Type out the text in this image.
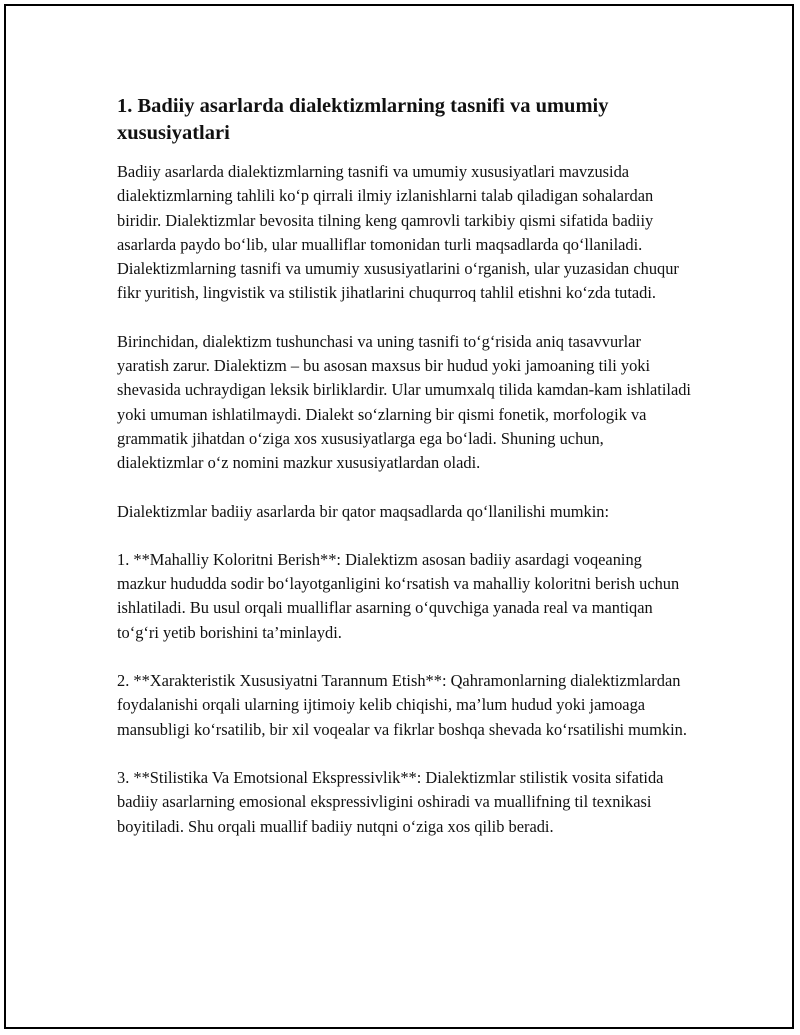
1. Badiiy asarlarda dialektizmlarning tasnifi va umumiy xususiyatlari

Badiiy asarlarda dialektizmlarning tasnifi va umumiy xususiyatlari mavzusida dialektizmlarning tahlili ko‘p qirrali ilmiy izlanishlarni talab qiladigan sohalardan biridir. Dialektizmlar bevosita tilning keng qamrovli tarkibiy qismi sifatida badiiy asarlarda paydo bo‘lib, ular mualliflar tomonidan turli maqsadlarda qo‘llaniladi. Dialektizmlarning tasnifi va umumiy xususiyatlarini o‘rganish, ular yuzasidan chuqur fikr yuritish, lingvistik va stilistik jihatlarini chuqurroq tahlil etishni ko‘zda tutadi.

Birinchidan, dialektizm tushunchasi va uning tasnifi to‘g‘risida aniq tasavvurlar yaratish zarur. Dialektizm – bu asosan maxsus bir hudud yoki jamoaning tili yoki shevasida uchraydigan leksik birliklardir. Ular umumxalq tilida kamdan-kam ishlatiladi yoki umuman ishlatilmaydi. Dialekt so‘zlarning bir qismi fonetik, morfologik va grammatik jihatdan o‘ziga xos xususiyatlarga ega bo‘ladi. Shuning uchun, dialektizmlar o‘z nomini mazkur xususiyatlardan oladi.

Dialektizmlar badiiy asarlarda bir qator maqsadlarda qo‘llanilishi mumkin:

1. **Mahalliy Koloritni Berish**: Dialektizm asosan badiiy asardagi voqeaning mazkur hududda sodir bo‘layotganligini ko‘rsatish va mahalliy koloritni berish uchun ishlatiladi. Bu usul orqali mualliflar asarning o‘quvchiga yanada real va mantiqan to‘g‘ri yetib borishini ta’minlaydi.

2. **Xarakteristik Xususiyatni Tarannum Etish**: Qahramonlarning dialektizmlardan foydalanishi orqali ularning ijtimoiy kelib chiqishi, ma’lum hudud yoki jamoaga mansubligi ko‘rsatilib, bir xil voqealar va fikrlar boshqa shevada ko‘rsatilishi mumkin.

3. **Stilistika Va Emotsional Ekspressivlik**: Dialektizmlar stilistik vosita sifatida badiiy asarlarning emosional ekspressivligini oshiradi va muallifning til texnikasi boyitiladi. Shu orqali muallif badiiy nutqni o‘ziga xos qilib beradi.
